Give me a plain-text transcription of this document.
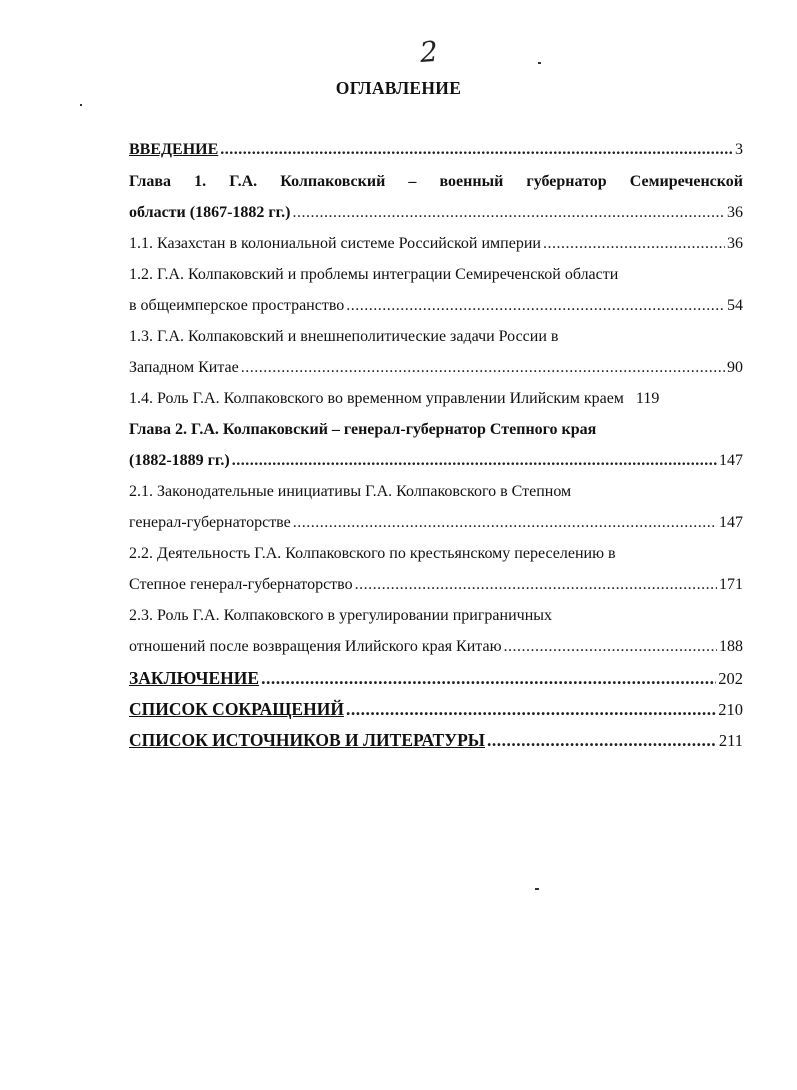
2
ОГЛАВЛЕНИЕ
ВВЕДЕНИЕ .....	3
Глава 1. Г.А. Колпаковский – военный губернатор Семиреченской
области (1867-1882 гг.) .....	36
1.1. Казахстан в колониальной системе Российской империи .....	36
1.2. Г.А. Колпаковский и проблемы интеграции Семиреченской области
в общеимперское пространство .....	54
1.3. Г.А. Колпаковский и внешнеполитические задачи России в
Западном Китае .....	90
1.4. Роль Г.А. Колпаковского во временном управлении Илийским краем 119
Глава 2. Г.А. Колпаковский – генерал-губернатор Степного края
(1882-1889 гг.) .....	147
2.1. Законодательные инициативы Г.А. Колпаковского в Степном
генерал-губернаторстве .....	147
2.2. Деятельность Г.А. Колпаковского по крестьянскому переселению в
Степное генерал-губернаторство .....	171
2.3. Роль Г.А. Колпаковского в урегулировании приграничных
отношений после возвращения Илийского края Китаю .....	188
ЗАКЛЮЧЕНИЕ .....	202
СПИСОК СОКРАЩЕНИЙ .....	210
СПИСОК ИСТОЧНИКОВ И ЛИТЕРАТУРЫ .....	211
